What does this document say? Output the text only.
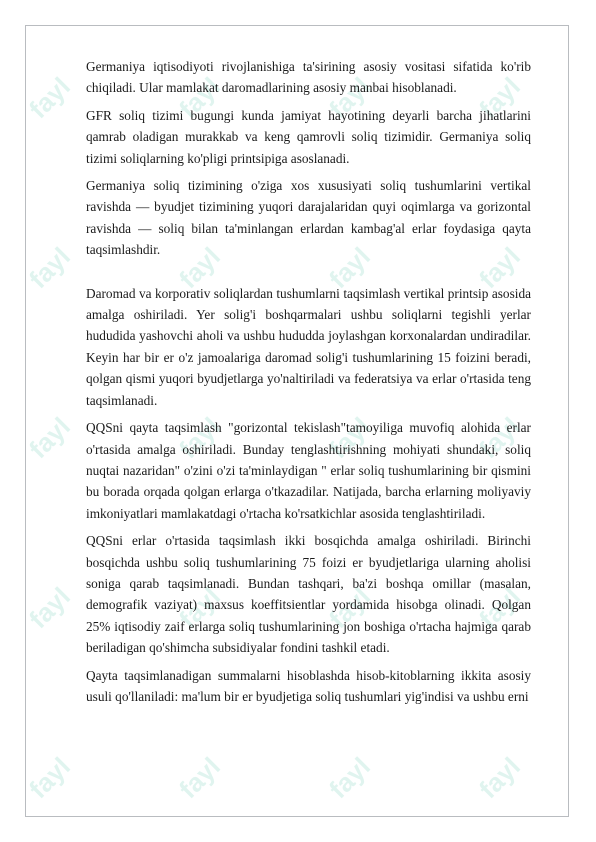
fayl	fayl	fayl	fayl
fayl	fayl	fayl	fayl
fayl	fayl	fayl	fayl
fayl	fayl	fayl	fayl
fayl	fayl	fayl	fayl

Germaniya iqtisodiyoti rivojlanishiga ta'sirining asosiy vositasi sifatida ko'rib chiqiladi. Ular mamlakat daromadlarining asosiy manbai hisoblanadi.

GFR soliq tizimi bugungi kunda jamiyat hayotining deyarli barcha jihatlarini qamrab oladigan murakkab va keng qamrovli soliq tizimidir. Germaniya soliq tizimi soliqlarning ko'pligi printsipiga asoslanadi.

Germaniya soliq tizimining o'ziga xos xususiyati soliq tushumlarini vertikal ravishda — byudjet tizimining yuqori darajalaridan quyi oqimlarga va gorizontal ravishda — soliq bilan ta'minlangan erlardan kambag'al erlar foydasiga qayta taqsimlashdir.

Daromad va korporativ soliqlardan tushumlarni taqsimlash vertikal printsip asosida amalga oshiriladi. Yer solig'i boshqarmalari ushbu soliqlarni tegishli yerlar hududida yashovchi aholi va ushbu hududda joylashgan korxonalardan undiradilar. Keyin har bir er o'z jamoalariga daromad solig'i tushumlarining 15 foizini beradi, qolgan qismi yuqori byudjetlarga yo'naltiriladi va federatsiya va erlar o'rtasida teng taqsimlanadi.

QQSni qayta taqsimlash "gorizontal tekislash"tamoyiliga muvofiq alohida erlar o'rtasida amalga oshiriladi. Bunday tenglashtirishning mohiyati shundaki, soliq nuqtai nazaridan" o'zini o'zi ta'minlaydigan " erlar soliq tushumlarining bir qismini bu borada orqada qolgan erlarga o'tkazadilar. Natijada, barcha erlarning moliyaviy imkoniyatlari mamlakatdagi o'rtacha ko'rsatkichlar asosida tenglashtiriladi.

QQSni erlar o'rtasida taqsimlash ikki bosqichda amalga oshiriladi. Birinchi bosqichda ushbu soliq tushumlarining 75 foizi er byudjetlariga ularning aholisi soniga qarab taqsimlanadi. Bundan tashqari, ba'zi boshqa omillar (masalan, demografik vaziyat) maxsus koeffitsientlar yordamida hisobga olinadi. Qolgan 25% iqtisodiy zaif erlarga soliq tushumlarining jon boshiga o'rtacha hajmiga qarab beriladigan qo'shimcha subsidiyalar fondini tashkil etadi.

Qayta taqsimlanadigan summalarni hisoblashda hisob-kitoblarning ikkita asosiy usuli qo'llaniladi: ma'lum bir er byudjetiga soliq tushumlari yig'indisi va ushbu erni
